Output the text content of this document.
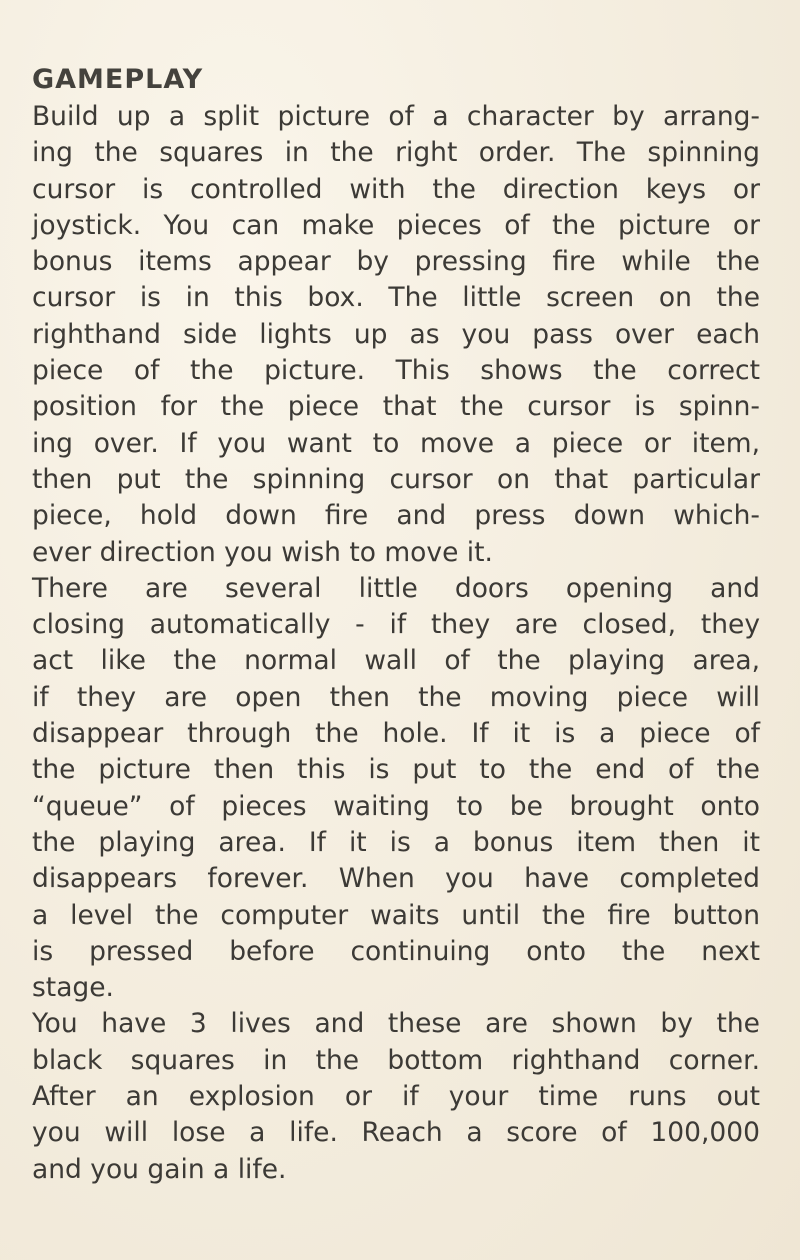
GAMEPLAY

Build up a split picture of a character by arrang-
ing the squares in the right order. The spinning
cursor is controlled with the direction keys or
joystick. You can make pieces of the picture or
bonus items appear by pressing fire while the
cursor is in this box. The little screen on the
righthand side lights up as you pass over each
piece of the picture. This shows the correct
position for the piece that the cursor is spinn-
ing over. If you want to move a piece or item,
then put the spinning cursor on that particular
piece, hold down fire and press down which-
ever direction you wish to move it.

There are several little doors opening and
closing automatically - if they are closed, they
act like the normal wall of the playing area,
if they are open then the moving piece will
disappear through the hole. If it is a piece of
the picture then this is put to the end of the
“queue” of pieces waiting to be brought onto
the playing area. If it is a bonus item then it
disappears forever. When you have completed
a level the computer waits until the fire button
is pressed before continuing onto the next
stage.

You have 3 lives and these are shown by the
black squares in the bottom righthand corner.
After an explosion or if your time runs out
you will lose a life. Reach a score of 100,000
and you gain a life.
